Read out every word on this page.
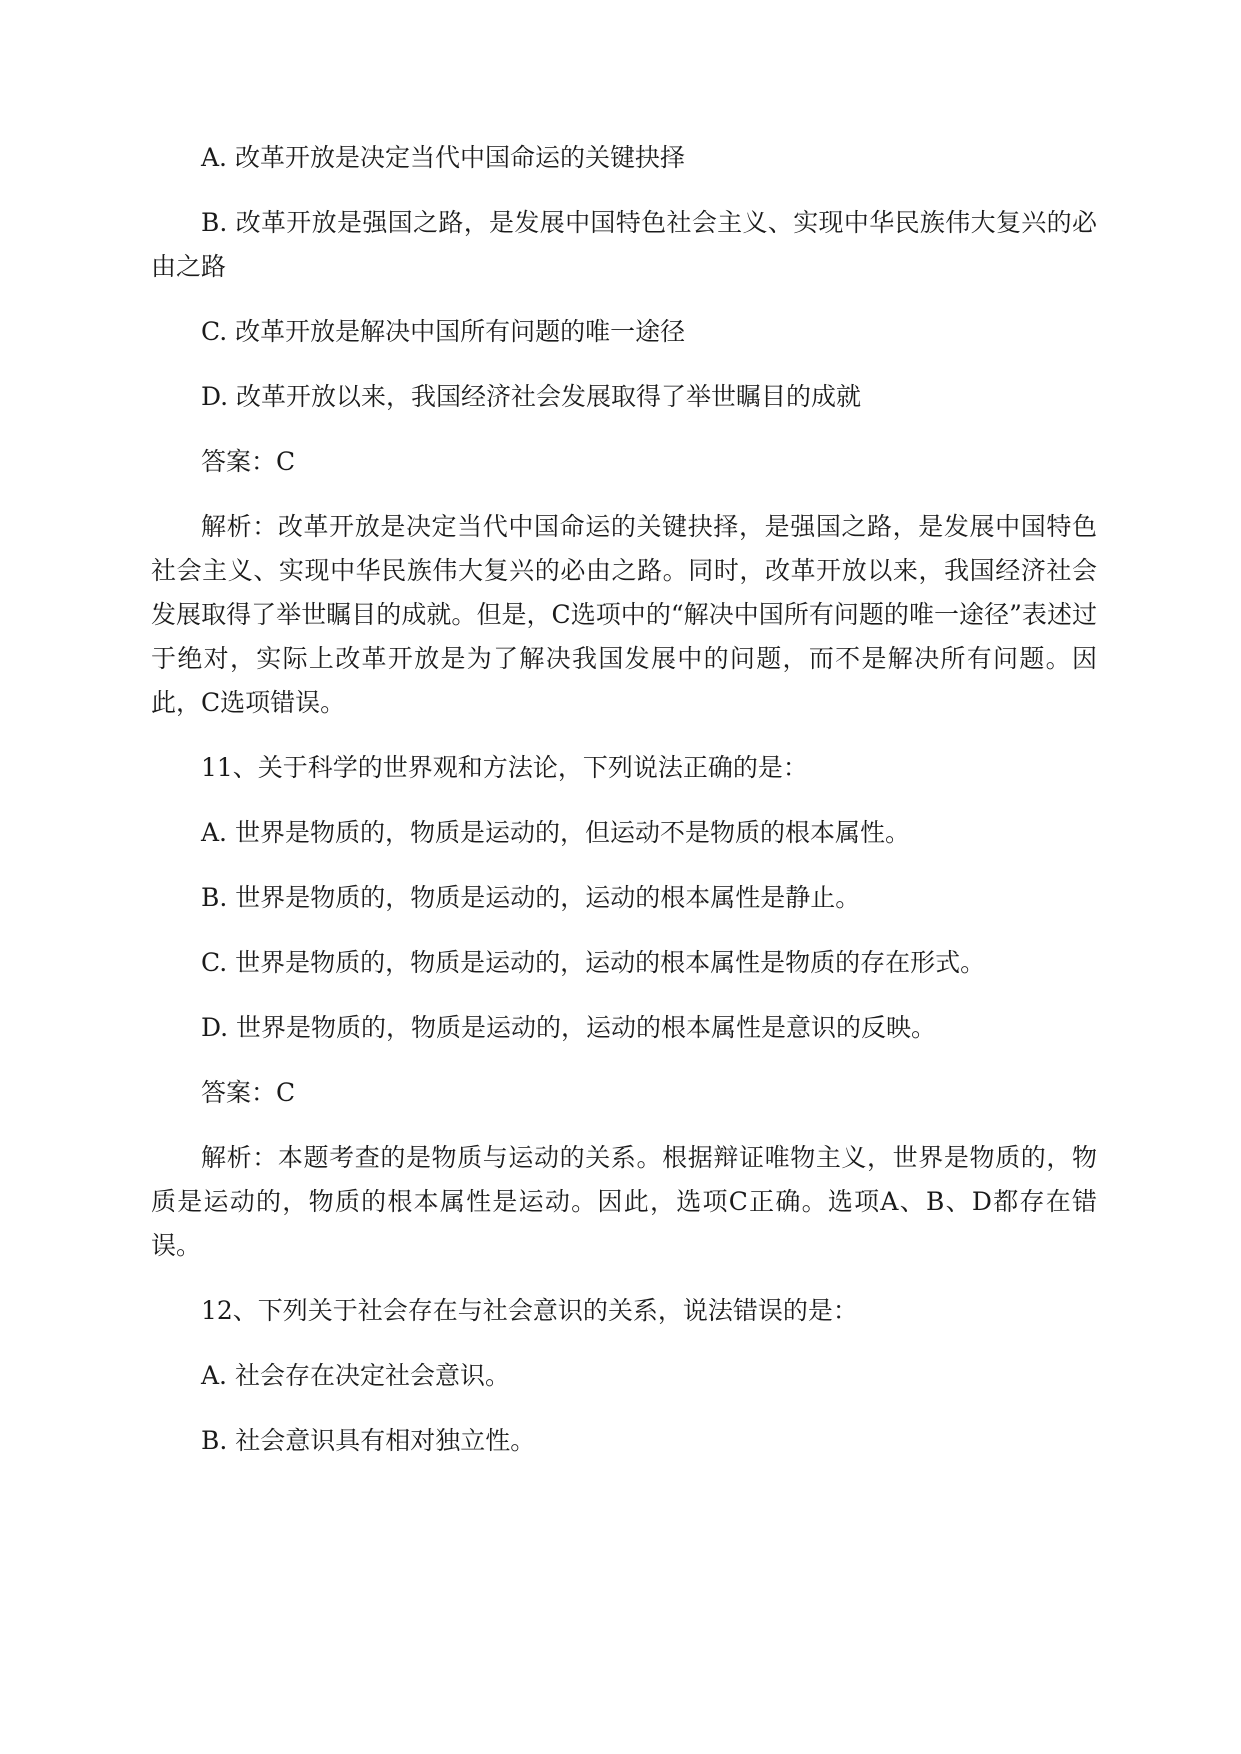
A. 改革开放是决定当代中国命运的关键抉择

B. 改革开放是强国之路，是发展中国特色社会主义、实现中华民族伟大复兴的必由之路

C. 改革开放是解决中国所有问题的唯一途径

D. 改革开放以来，我国经济社会发展取得了举世瞩目的成就

答案：C

解析：改革开放是决定当代中国命运的关键抉择，是强国之路，是发展中国特色社会主义、实现中华民族伟大复兴的必由之路。同时，改革开放以来，我国经济社会发展取得了举世瞩目的成就。但是，C选项中的“解决中国所有问题的唯一途径”表述过于绝对，实际上改革开放是为了解决我国发展中的问题，而不是解决所有问题。因此，C选项错误。

11、关于科学的世界观和方法论，下列说法正确的是：

A. 世界是物质的，物质是运动的，但运动不是物质的根本属性。

B. 世界是物质的，物质是运动的，运动的根本属性是静止。

C. 世界是物质的，物质是运动的，运动的根本属性是物质的存在形式。

D. 世界是物质的，物质是运动的，运动的根本属性是意识的反映。

答案：C

解析：本题考查的是物质与运动的关系。根据辩证唯物主义，世界是物质的，物质是运动的，物质的根本属性是运动。因此，选项C正确。选项A、B、D都存在错误。

12、下列关于社会存在与社会意识的关系，说法错误的是：

A. 社会存在决定社会意识。

B. 社会意识具有相对独立性。
